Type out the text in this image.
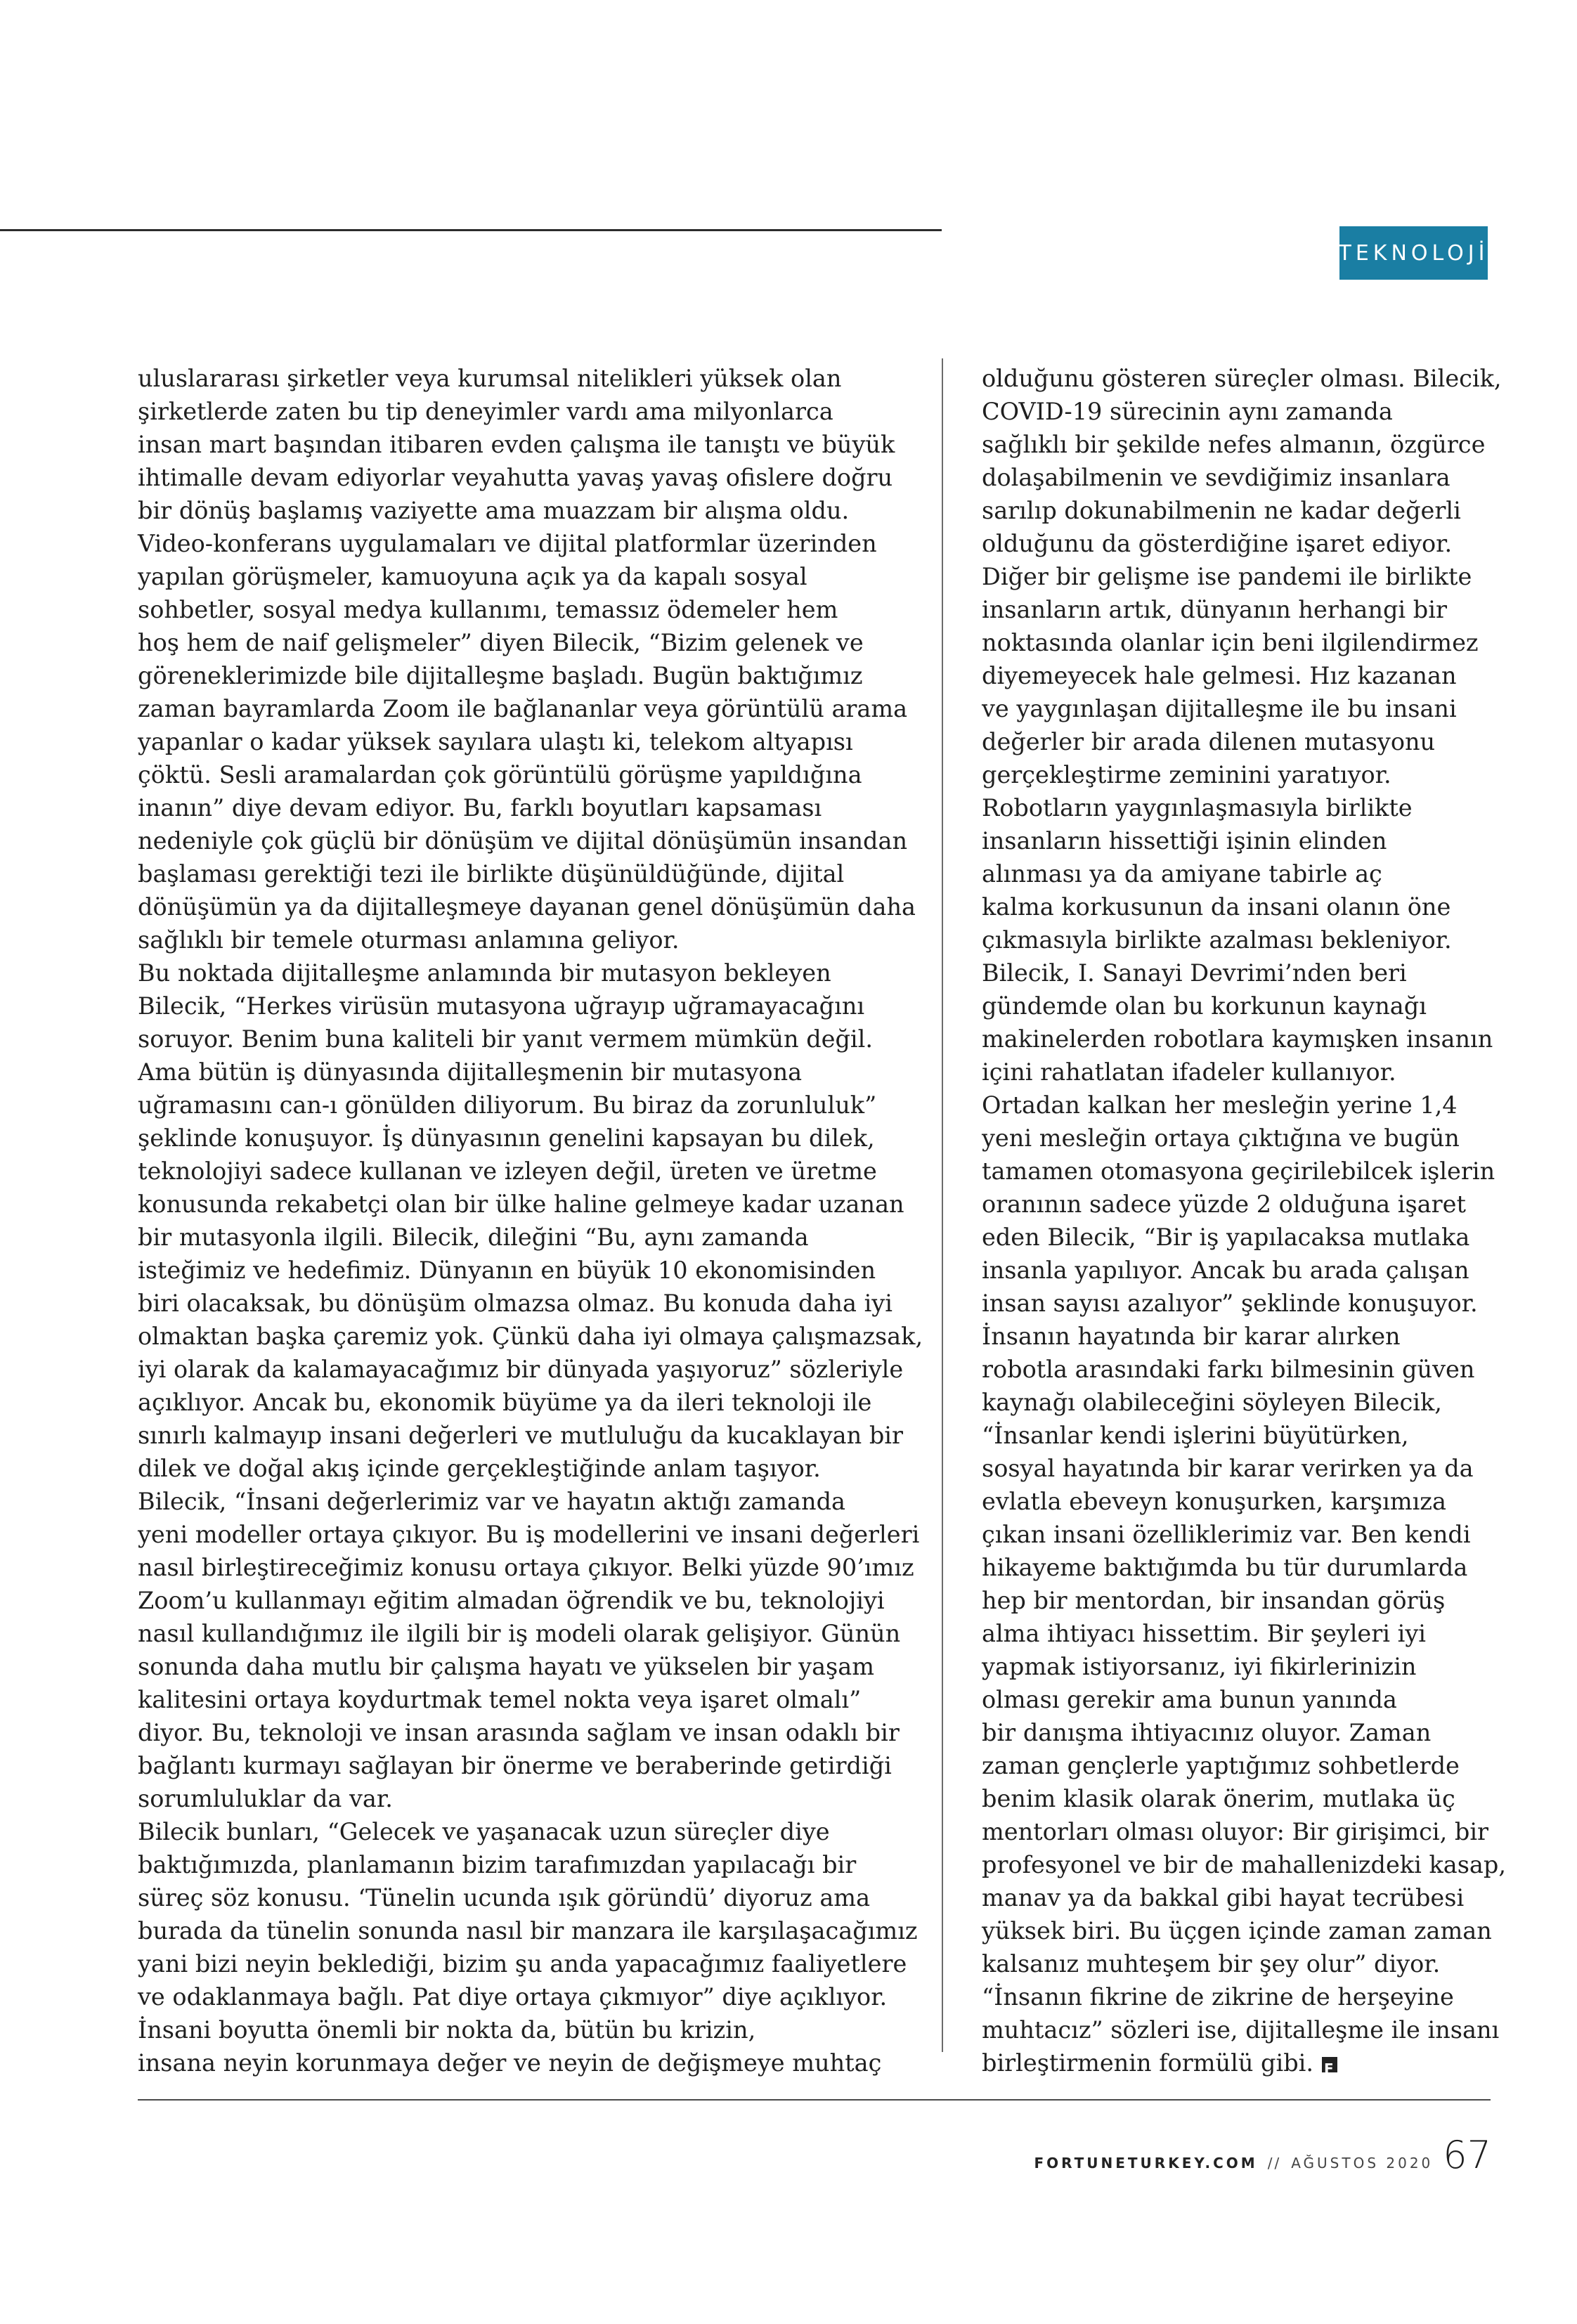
TEKNOLOJİ

uluslararası şirketler veya kurumsal nitelikleri yüksek olan

şirketlerde zaten bu tip deneyimler vardı ama milyonlarca

insan mart başından itibaren evden çalışma ile tanıştı ve büyük

ihtimalle devam ediyorlar veyahutta yavaş yavaş ofislere doğru

bir dönüş başlamış vaziyette ama muazzam bir alışma oldu.

Video-konferans uygulamaları ve dijital platformlar üzerinden

yapılan görüşmeler, kamuoyuna açık ya da kapalı sosyal

sohbetler, sosyal medya kullanımı, temassız ödemeler hem

hoş hem de naif gelişmeler” diyen Bilecik, “Bizim gelenek ve

göreneklerimizde bile dijitalleşme başladı. Bugün baktığımız

zaman bayramlarda Zoom ile bağlananlar veya görüntülü arama

yapanlar o kadar yüksek sayılara ulaştı ki, telekom altyapısı

çöktü. Sesli aramalardan çok görüntülü görüşme yapıldığına

inanın” diye devam ediyor. Bu, farklı boyutları kapsaması

nedeniyle çok güçlü bir dönüşüm ve dijital dönüşümün insandan

başlaması gerektiği tezi ile birlikte düşünüldüğünde, dijital

dönüşümün ya da dijitalleşmeye dayanan genel dönüşümün daha

sağlıklı bir temele oturması anlamına geliyor.

Bu noktada dijitalleşme anlamında bir mutasyon bekleyen

Bilecik, “Herkes virüsün mutasyona uğrayıp uğramayacağını

soruyor. Benim buna kaliteli bir yanıt vermem mümkün değil.

Ama bütün iş dünyasında dijitalleşmenin bir mutasyona

uğramasını can-ı gönülden diliyorum. Bu biraz da zorunluluk”

şeklinde konuşuyor. İş dünyasının genelini kapsayan bu dilek,

teknolojiyi sadece kullanan ve izleyen değil, üreten ve üretme

konusunda rekabetçi olan bir ülke haline gelmeye kadar uzanan

bir mutasyonla ilgili. Bilecik, dileğini “Bu, aynı zamanda

isteğimiz ve hedefimiz. Dünyanın en büyük 10 ekonomisinden

biri olacaksak, bu dönüşüm olmazsa olmaz. Bu konuda daha iyi

olmaktan başka çaremiz yok. Çünkü daha iyi olmaya çalışmazsak,

iyi olarak da kalamayacağımız bir dünyada yaşıyoruz” sözleriyle

açıklıyor. Ancak bu, ekonomik büyüme ya da ileri teknoloji ile

sınırlı kalmayıp insani değerleri ve mutluluğu da kucaklayan bir

dilek ve doğal akış içinde gerçekleştiğinde anlam taşıyor.

Bilecik, “İnsani değerlerimiz var ve hayatın aktığı zamanda

yeni modeller ortaya çıkıyor. Bu iş modellerini ve insani değerleri

nasıl birleştireceğimiz konusu ortaya çıkıyor. Belki yüzde 90’ımız

Zoom’u kullanmayı eğitim almadan öğrendik ve bu, teknolojiyi

nasıl kullandığımız ile ilgili bir iş modeli olarak gelişiyor. Günün

sonunda daha mutlu bir çalışma hayatı ve yükselen bir yaşam

kalitesini ortaya koydurtmak temel nokta veya işaret olmalı”

diyor. Bu, teknoloji ve insan arasında sağlam ve insan odaklı bir

bağlantı kurmayı sağlayan bir önerme ve beraberinde getirdiği

sorumluluklar da var.

Bilecik bunları, “Gelecek ve yaşanacak uzun süreçler diye

baktığımızda, planlamanın bizim tarafımızdan yapılacağı bir

süreç söz konusu. ‘Tünelin ucunda ışık göründü’ diyoruz ama

burada da tünelin sonunda nasıl bir manzara ile karşılaşacağımız

yani bizi neyin beklediği, bizim şu anda yapacağımız faaliyetlere

ve odaklanmaya bağlı. Pat diye ortaya çıkmıyor” diye açıklıyor.

İnsani boyutta önemli bir nokta da, bütün bu krizin,

insana neyin korunmaya değer ve neyin de değişmeye muhtaç

olduğunu gösteren süreçler olması. Bilecik,

COVID-19 sürecinin aynı zamanda

sağlıklı bir şekilde nefes almanın, özgürce

dolaşabilmenin ve sevdiğimiz insanlara

sarılıp dokunabilmenin ne kadar değerli

olduğunu da gösterdiğine işaret ediyor.

Diğer bir gelişme ise pandemi ile birlikte

insanların artık, dünyanın herhangi bir

noktasında olanlar için beni ilgilendirmez

diyemeyecek hale gelmesi. Hız kazanan

ve yaygınlaşan dijitalleşme ile bu insani

değerler bir arada dilenen mutasyonu

gerçekleştirme zeminini yaratıyor.

Robotların yaygınlaşmasıyla birlikte

insanların hissettiği işinin elinden

alınması ya da amiyane tabirle aç

kalma korkusunun da insani olanın öne

çıkmasıyla birlikte azalması bekleniyor.

Bilecik, I. Sanayi Devrimi’nden beri

gündemde olan bu korkunun kaynağı

makinelerden robotlara kaymışken insanın

içini rahatlatan ifadeler kullanıyor.

Ortadan kalkan her mesleğin yerine 1,4

yeni mesleğin ortaya çıktığına ve bugün

tamamen otomasyona geçirilebilcek işlerin

oranının sadece yüzde 2 olduğuna işaret

eden Bilecik, “Bir iş yapılacaksa mutlaka

insanla yapılıyor. Ancak bu arada çalışan

insan sayısı azalıyor” şeklinde konuşuyor.

İnsanın hayatında bir karar alırken

robotla arasındaki farkı bilmesinin güven

kaynağı olabileceğini söyleyen Bilecik,

“İnsanlar kendi işlerini büyütürken,

sosyal hayatında bir karar verirken ya da

evlatla ebeveyn konuşurken, karşımıza

çıkan insani özelliklerimiz var. Ben kendi

hikayeme baktığımda bu tür durumlarda

hep bir mentordan, bir insandan görüş

alma ihtiyacı hissettim. Bir şeyleri iyi

yapmak istiyorsanız, iyi fikirlerinizin

olması gerekir ama bunun yanında

bir danışma ihtiyacınız oluyor. Zaman

zaman gençlerle yaptığımız sohbetlerde

benim klasik olarak önerim, mutlaka üç

mentorları olması oluyor: Bir girişimci, bir

profesyonel ve bir de mahallenizdeki kasap,

manav ya da bakkal gibi hayat tecrübesi

yüksek biri. Bu üçgen içinde zaman zaman

kalsanız muhteşem bir şey olur” diyor.

“İnsanın fikrine de zikrine de herşeyine

muhtacız” sözleri ise, dijitalleşme ile insanı

birleştirmenin formülü gibi.F

FORTUNETURKEY.COM // AĞUSTOS 2020 67
